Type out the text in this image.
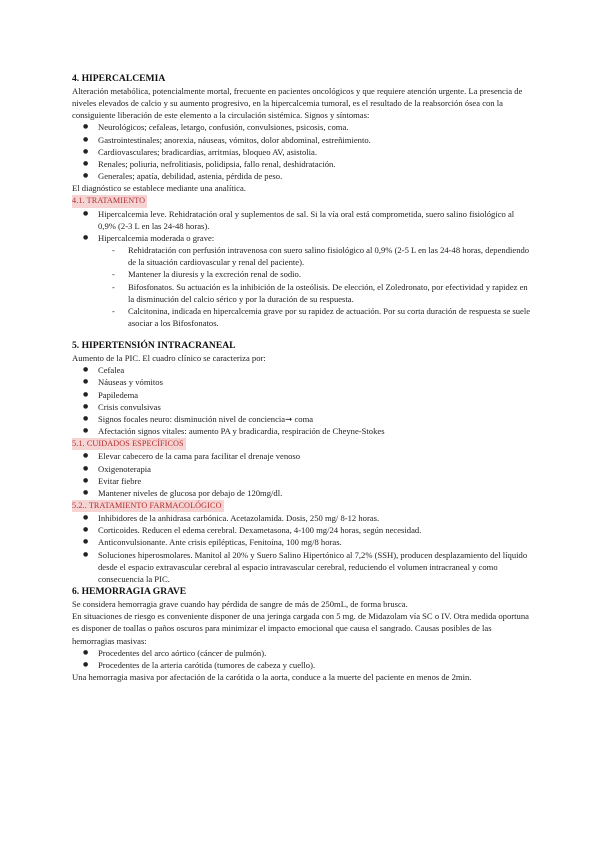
4. HIPERCALCEMIA

Alteración metabólica, potencialmente mortal, frecuente en pacientes oncológicos y que requiere atención urgente. La presencia de niveles elevados de calcio y su aumento progresivo, en la hipercalcemia tumoral, es el resultado de la reabsorción ósea con la consiguiente liberación de este elemento a la circulación sistémica. Signos y síntomas:

● Neurológicos; cefaleas, letargo, confusión, convulsiones, psicosis, coma.
● Gastrointestinales; anorexia, náuseas, vómitos, dolor abdominal, estreñimiento.
● Cardiovasculares; bradicardias, arritmias, bloqueo AV, asistolia.
● Renales; poliuria, nefrolitiasis, polidipsia, fallo renal, deshidratación.
● Generales; apatía, debilidad, astenia, pérdida de peso.

El diagnóstico se establece mediante una analítica.

4.1. TRATAMIENTO
● Hipercalcemia leve. Rehidratación oral y suplementos de sal. Si la vía oral está comprometida, suero salino fisiológico al 0,9% (2-3 L en las 24-48 horas).
● Hipercalcemia moderada o grave:
- Rehidratación con perfusión intravenosa con suero salino fisiológico al 0,9% (2-5 L en las 24-48 horas, dependiendo de la situación cardiovascular y renal del paciente).
- Mantener la diuresis y la excreción renal de sodio.
- Bifosfonatos. Su actuación es la inhibición de la osteólisis. De elección, el Zoledronato, por efectividad y rapidez en la disminución del calcio sérico y por la duración de su respuesta.
- Calcitonina, indicada en hipercalcemia grave por su rapidez de actuación. Por su corta duración de respuesta se suele asociar a los Bifosfonatos.
5. HIPERTENSIÓN INTRACRANEAL

Aumento de la PIC. El cuadro clínico se caracteriza por:

● Cefalea
● Náuseas y vómitos
● Papiledema
● Crisis convulsivas
● Signos focales neuro: disminución nivel de conciencia➞ coma
● Afectación signos vitales: aumento PA y bradicardia, respiración de Cheyne-Stokes
5.1. CUIDADOS ESPECÍFICOS
● Elevar cabecero de la cama para facilitar el drenaje venoso
● Oxigenoterapia
● Evitar fiebre
● Mantener niveles de glucosa por debajo de 120mg/dl.
5.2.. TRATAMIENTO FARMACOLÓGICO
● Inhibidores de la anhidrasa carbónica. Acetazolamida. Dosis, 250 mg/ 8-12 horas.
● Corticoides. Reducen el edema cerebral. Dexametasona, 4-100 mg/24 horas, según necesidad.
● Anticonvulsionante. Ante crisis epilépticas, Fenitoína, 100 mg/8 horas.
● Soluciones hiperosmolares. Manitol al 20% y Suero Salino Hipertónico al 7,2% (SSH), producen desplazamiento del líquido desde el espacio extravascular cerebral al espacio intravascular cerebral, reduciendo el volumen intracraneal y como consecuencia la PIC.
6. HEMORRAGIA GRAVE

Se considera hemorragia grave cuando hay pérdida de sangre de más de 250mL, de forma brusca.

En situaciones de riesgo es conveniente disponer de una jeringa cargada con 5 mg. de Midazolam vía SC o IV. Otra medida oportuna es disponer de toallas o paños oscuros para minimizar el impacto emocional que causa el sangrado. Causas posibles de las hemorragias masivas:

● Procedentes del arco aórtico (cáncer de pulmón).
● Procedentes de la arteria carótida (tumores de cabeza y cuello).

Una hemorragia masiva por afectación de la carótida o la aorta, conduce a la muerte del paciente en menos de 2min.
